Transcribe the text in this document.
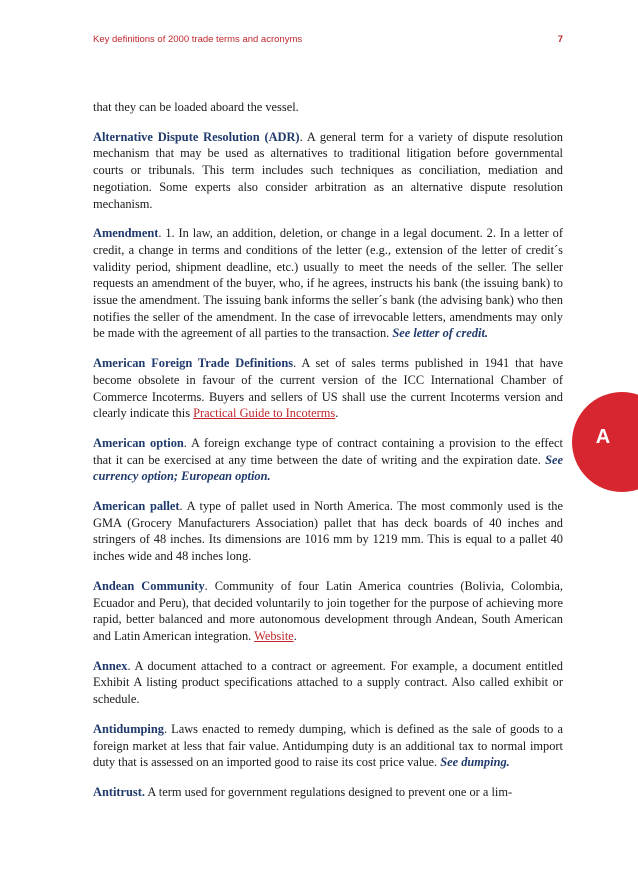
Key definitions of 2000 trade terms and acronyms	7

that they can be loaded aboard the vessel.

Alternative Dispute Resolution (ADR). A general term for a variety of dispute resolution mechanism that may be used as alternatives to traditional litigation before governmental courts or tribunals. This term includes such techniques as conciliation, mediation and negotiation. Some experts also consider arbitration as an alternative dispute resolution mechanism.

Amendment. 1. In law, an addition, deletion, or change in a legal document. 2. In a letter of credit, a change in terms and conditions of the letter (e.g., extension of the letter of credit´s validity period, shipment deadline, etc.) usually to meet the needs of the seller. The seller requests an amendment of the buyer, who, if he agrees, instructs his bank (the issuing bank) to issue the amendment. The issuing bank informs the seller´s bank (the advising bank) who then notifies the seller of the amendment. In the case of irrevocable letters, amendments may only be made with the agreement of all parties to the transaction. See letter of credit.

American Foreign Trade Definitions. A set of sales terms published in 1941 that have become obsolete in favour of the current version of the ICC International Chamber of Commerce Incoterms. Buyers and sellers of US shall use the current Incoterms version and clearly indicate this Practical Guide to Incoterms.

American option. A foreign exchange type of contract containing a provision to the effect that it can be exercised at any time between the date of writing and the expiration date. See currency option; European option.

American pallet. A type of pallet used in North America. The most commonly used is the GMA (Grocery Manufacturers Association) pallet that has deck boards of 40 inches and stringers of 48 inches. Its dimensions are 1016 mm by 1219 mm. This is equal to a pallet 40 inches wide and 48 inches long.

Andean Community. Community of four Latin America countries (Bolivia, Colombia, Ecuador and Peru), that decided voluntarily to join together for the purpose of achieving more rapid, better balanced and more autonomous development through Andean, South American and Latin American integration. Website.

Annex. A document attached to a contract or agreement. For example, a document entitled Exhibit A listing product specifications attached to a supply contract. Also called exhibit or schedule.

Antidumping. Laws enacted to remedy dumping, which is defined as the sale of goods to a foreign market at less that fair value. Antidumping duty is an additional tax to normal import duty that is assessed on an imported good to raise its cost price value. See dumping.

Antitrust. A term used for government regulations designed to prevent one or a lim-

A
